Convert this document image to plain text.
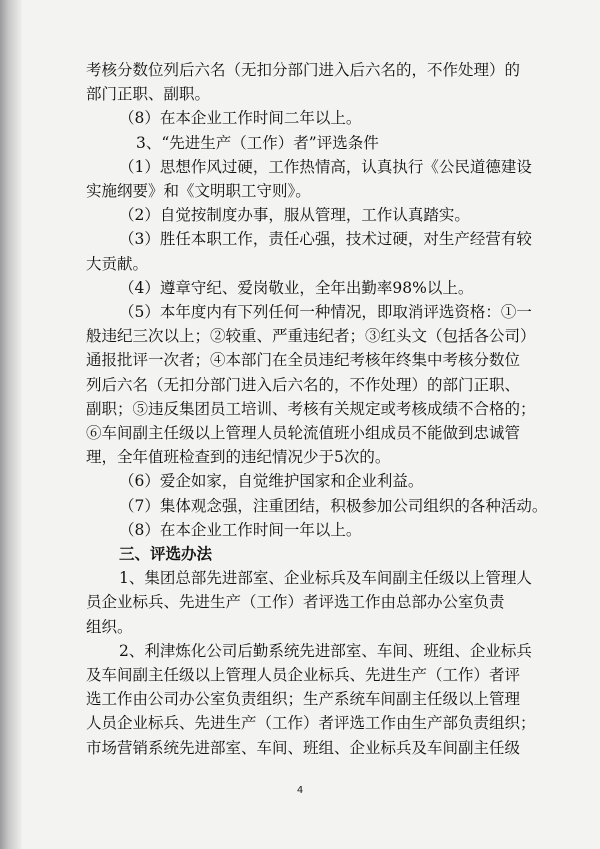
考核分数位列后六名（无扣分部门进入后六名的，不作处理）的

部门正职、副职。

（8）在本企业工作时间二年以上。

3、“先进生产（工作）者”评选条件

（1）思想作风过硬，工作热情高，认真执行《公民道德建设

实施纲要》和《文明职工守则》。

（2）自觉按制度办事，服从管理，工作认真踏实。

（3）胜任本职工作，责任心强，技术过硬，对生产经营有较

大贡献。

（4）遵章守纪、爱岗敬业，全年出勤率98%以上。

（5）本年度内有下列任何一种情况，即取消评选资格：①一

般违纪三次以上；②较重、严重违纪者；③红头文（包括各公司）

通报批评一次者；④本部门在全员违纪考核年终集中考核分数位

列后六名（无扣分部门进入后六名的，不作处理）的部门正职、

副职；⑤违反集团员工培训、考核有关规定或考核成绩不合格的；

⑥车间副主任级以上管理人员轮流值班小组成员不能做到忠诚管

理，全年值班检查到的违纪情况少于5次的。

（6）爱企如家，自觉维护国家和企业利益。

（7）集体观念强，注重团结，积极参加公司组织的各种活动。

（8）在本企业工作时间一年以上。

三、评选办法

1、集团总部先进部室、企业标兵及车间副主任级以上管理人

员企业标兵、先进生产（工作）者评选工作由总部办公室负责

组织。

2、利津炼化公司后勤系统先进部室、车间、班组、企业标兵

及车间副主任级以上管理人员企业标兵、先进生产（工作）者评

选工作由公司办公室负责组织；生产系统车间副主任级以上管理

人员企业标兵、先进生产（工作）者评选工作由生产部负责组织；

市场营销系统先进部室、车间、班组、企业标兵及车间副主任级

4
